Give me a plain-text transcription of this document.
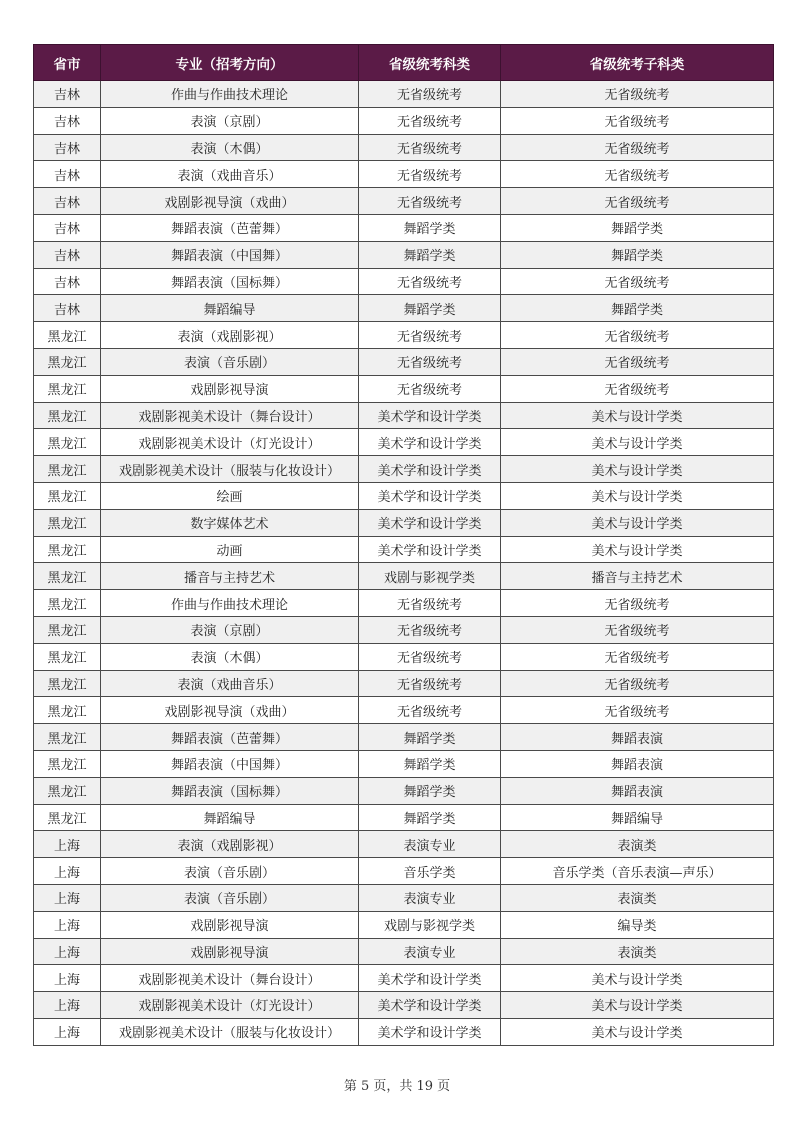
省市	专业（招考方向）	省级统考科类	省级统考子科类
吉林	作曲与作曲技术理论	无省级统考	无省级统考
吉林	表演（京剧）	无省级统考	无省级统考
吉林	表演（木偶）	无省级统考	无省级统考
吉林	表演（戏曲音乐）	无省级统考	无省级统考
吉林	戏剧影视导演（戏曲）	无省级统考	无省级统考
吉林	舞蹈表演（芭蕾舞）	舞蹈学类	舞蹈学类
吉林	舞蹈表演（中国舞）	舞蹈学类	舞蹈学类
吉林	舞蹈表演（国标舞）	无省级统考	无省级统考
吉林	舞蹈编导	舞蹈学类	舞蹈学类
黑龙江	表演（戏剧影视）	无省级统考	无省级统考
黑龙江	表演（音乐剧）	无省级统考	无省级统考
黑龙江	戏剧影视导演	无省级统考	无省级统考
黑龙江	戏剧影视美术设计（舞台设计）	美术学和设计学类	美术与设计学类
黑龙江	戏剧影视美术设计（灯光设计）	美术学和设计学类	美术与设计学类
黑龙江	戏剧影视美术设计（服装与化妆设计）	美术学和设计学类	美术与设计学类
黑龙江	绘画	美术学和设计学类	美术与设计学类
黑龙江	数字媒体艺术	美术学和设计学类	美术与设计学类
黑龙江	动画	美术学和设计学类	美术与设计学类
黑龙江	播音与主持艺术	戏剧与影视学类	播音与主持艺术
黑龙江	作曲与作曲技术理论	无省级统考	无省级统考
黑龙江	表演（京剧）	无省级统考	无省级统考
黑龙江	表演（木偶）	无省级统考	无省级统考
黑龙江	表演（戏曲音乐）	无省级统考	无省级统考
黑龙江	戏剧影视导演（戏曲）	无省级统考	无省级统考
黑龙江	舞蹈表演（芭蕾舞）	舞蹈学类	舞蹈表演
黑龙江	舞蹈表演（中国舞）	舞蹈学类	舞蹈表演
黑龙江	舞蹈表演（国标舞）	舞蹈学类	舞蹈表演
黑龙江	舞蹈编导	舞蹈学类	舞蹈编导
上海	表演（戏剧影视）	表演专业	表演类
上海	表演（音乐剧）	音乐学类	音乐学类（音乐表演—声乐）
上海	表演（音乐剧）	表演专业	表演类
上海	戏剧影视导演	戏剧与影视学类	编导类
上海	戏剧影视导演	表演专业	表演类
上海	戏剧影视美术设计（舞台设计）	美术学和设计学类	美术与设计学类
上海	戏剧影视美术设计（灯光设计）	美术学和设计学类	美术与设计学类
上海	戏剧影视美术设计（服装与化妆设计）	美术学和设计学类	美术与设计学类
第 5 页，共 19 页
